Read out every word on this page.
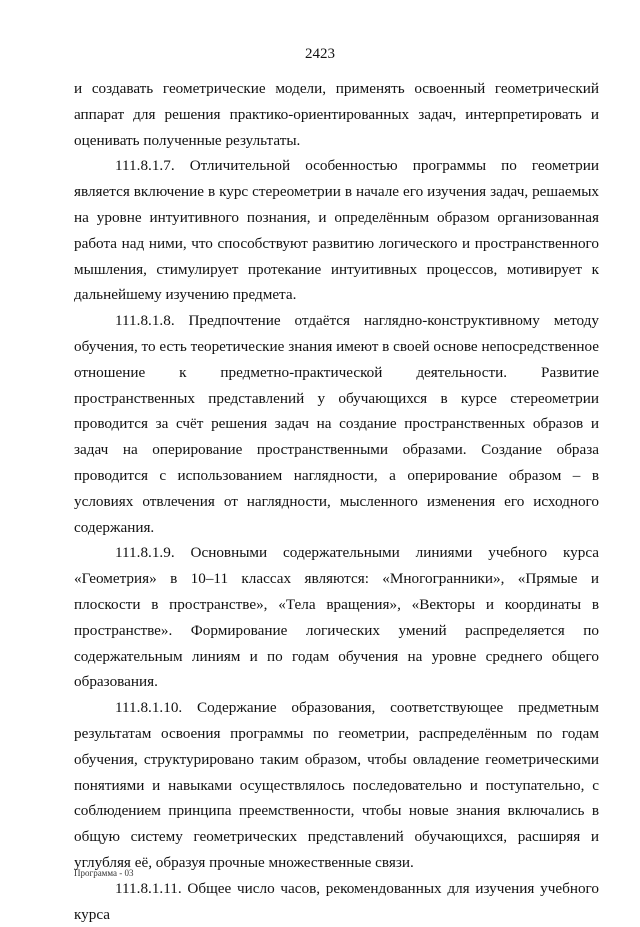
2423

и создавать геометрические модели, применять освоенный геометрический аппарат для решения практико-ориентированных задач, интерпретировать и оценивать полученные результаты.

111.8.1.7. Отличительной особенностью программы по геометрии является включение в курс стереометрии в начале его изучения задач, решаемых на уровне интуитивного познания, и определённым образом организованная работа над ними, что способствуют развитию логического и пространственного мышления, стимулирует протекание интуитивных процессов, мотивирует к дальнейшему изучению предмета.

111.8.1.8. Предпочтение отдаётся наглядно-конструктивному методу обучения, то есть теоретические знания имеют в своей основе непосредственное отношение к предметно-практической деятельности. Развитие пространственных представлений у обучающихся в курсе стереометрии проводится за счёт решения задач на создание пространственных образов и задач на оперирование пространственными образами. Создание образа проводится с использованием наглядности, а оперирование образом – в условиях отвлечения от наглядности, мысленного изменения его исходного содержания.

111.8.1.9. Основными содержательными линиями учебного курса «Геометрия» в 10–11 классах являются: «Многогранники», «Прямые и плоскости в пространстве», «Тела вращения», «Векторы и координаты в пространстве». Формирование логических умений распределяется по содержательным линиям и по годам обучения на уровне среднего общего образования.

111.8.1.10. Содержание образования, соответствующее предметным результатам освоения программы по геометрии, распределённым по годам обучения, структурировано таким образом, чтобы овладение геометрическими понятиями и навыками осуществлялось последовательно и поступательно, с соблюдением принципа преемственности, чтобы новые знания включались в общую систему геометрических представлений обучающихся, расширяя и углубляя её, образуя прочные множественные связи.

111.8.1.11. Общее число часов, рекомендованных для изучения учебного курса

Программа - 03
